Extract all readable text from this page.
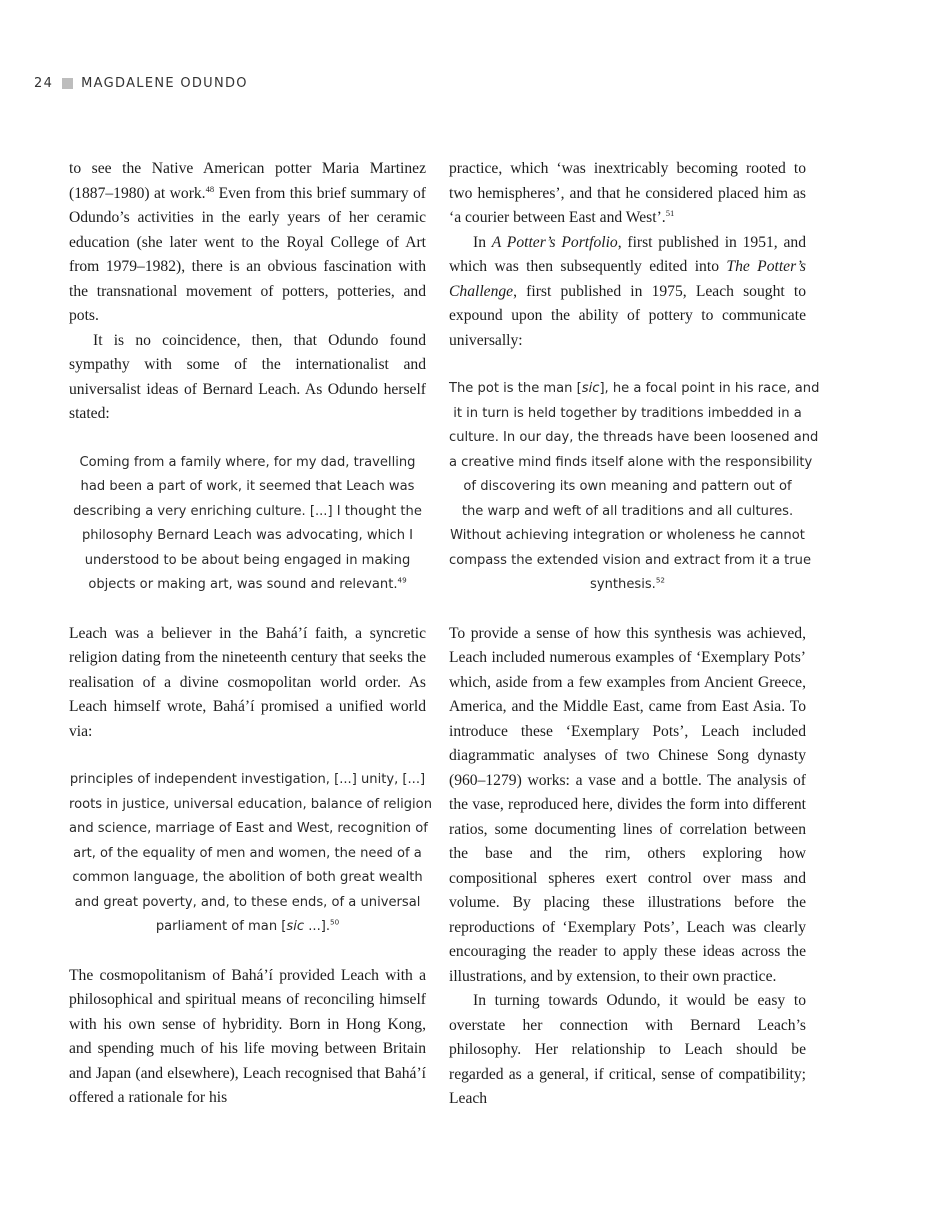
24 MAGDALENE ODUNDO

to see the Native American potter Maria Martinez (1887–1980) at work.$^{48}$ Even from this brief summary of Odundo’s activities in the early years of her ceramic education (she later went to the Royal College of Art from 1979–1982), there is an obvious fascination with the transnational movement of potters, potteries, and pots.

It is no coincidence, then, that Odundo found sympathy with some of the internationalist and universalist ideas of Bernard Leach. As Odundo herself stated:

Coming from a family where, for my dad, travelling
had been a part of work, it seemed that Leach was
describing a very enriching culture. [...] I thought the
philosophy Bernard Leach was advocating, which I
understood to be about being engaged in making
objects or making art, was sound and relevant.$^{49}$

Leach was a believer in the Bahá’í faith, a syncretic religion dating from the nineteenth century that seeks the realisation of a divine cosmopolitan world order. As Leach himself wrote, Bahá’í promised a unified world via:

principles of independent investigation, [...] unity, [...]
roots in justice, universal education, balance of religion
and science, marriage of East and West, recognition of
art, of the equality of men and women, the need of a
common language, the abolition of both great wealth
and great poverty, and, to these ends, of a universal
parliament of man [sic ...].$^{50}$

The cosmopolitanism of Bahá’í provided Leach with a philosophical and spiritual means of reconciling himself with his own sense of hybridity. Born in Hong Kong, and spending much of his life moving between Britain and Japan (and elsewhere), Leach recognised that Bahá’í offered a rationale for his

practice, which ‘was inextricably becoming rooted to two hemispheres’, and that he considered placed him as ‘a courier between East and West’.$^{51}$

In A Potter’s Portfolio, first published in 1951, and which was then subsequently edited into The Potter’s Challenge, first published in 1975, Leach sought to expound upon the ability of pottery to communicate universally:

The pot is the man [sic], he a focal point in his race, and
it in turn is held together by traditions imbedded in a
culture. In our day, the threads have been loosened and
a creative mind finds itself alone with the responsibility
of discovering its own meaning and pattern out of
the warp and weft of all traditions and all cultures.
Without achieving integration or wholeness he cannot
compass the extended vision and extract from it a true
synthesis.$^{52}$

To provide a sense of how this synthesis was achieved, Leach included numerous examples of ‘Exemplary Pots’ which, aside from a few examples from Ancient Greece, America, and the Middle East, came from East Asia. To introduce these ‘Exemplary Pots’, Leach included diagrammatic analyses of two Chinese Song dynasty (960–1279) works: a vase and a bottle. The analysis of the vase, reproduced here, divides the form into different ratios, some documenting lines of correlation between the base and the rim, others exploring how compositional spheres exert control over mass and volume. By placing these illustrations before the reproductions of ‘Exemplary Pots’, Leach was clearly encouraging the reader to apply these ideas across the illustrations, and by extension, to their own practice.

In turning towards Odundo, it would be easy to overstate her connection with Bernard Leach’s philosophy. Her relationship to Leach should be regarded as a general, if critical, sense of compatibility; Leach
